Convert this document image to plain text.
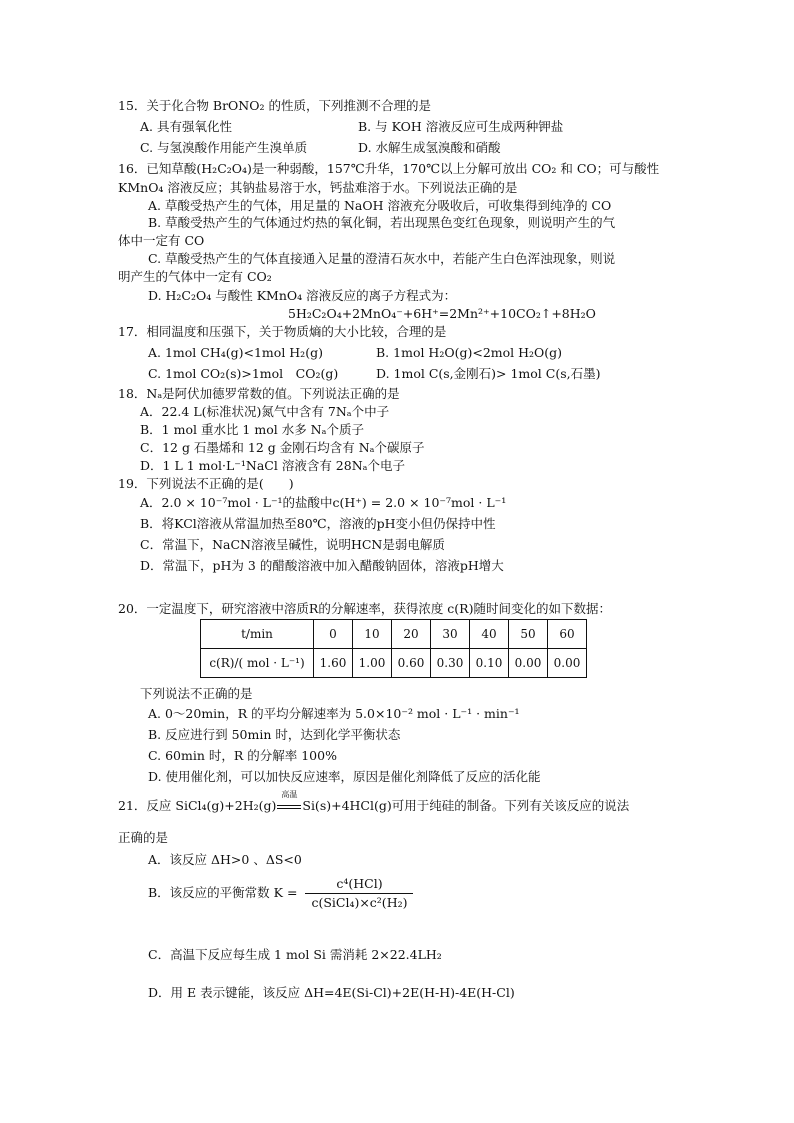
15．关于化合物 BrONO₂ 的性质，下列推测不合理的是
A. 具有强氧化性	B. 与 KOH 溶液反应可生成两种钾盐
C. 与氢溴酸作用能产生溴单质	D. 水解生成氢溴酸和硝酸
16．已知草酸(H₂C₂O₄)是一种弱酸，157℃升华，170℃以上分解可放出 CO₂ 和 CO；可与酸性
KMnO₄ 溶液反应；其钠盐易溶于水，钙盐难溶于水。下列说法正确的是
A. 草酸受热产生的气体，用足量的 NaOH 溶液充分吸收后，可收集得到纯净的 CO
B. 草酸受热产生的气体通过灼热的氧化铜，若出现黑色变红色现象，则说明产生的气
体中一定有 CO
C. 草酸受热产生的气体直接通入足量的澄清石灰水中，若能产生白色浑浊现象，则说
明产生的气体中一定有 CO₂
D. H₂C₂O₄ 与酸性 KMnO₄ 溶液反应的离子方程式为：
5H₂C₂O₄+2MnO₄⁻+6H⁺=2Mn²⁺+10CO₂↑+8H₂O
17．相同温度和压强下，关于物质熵的大小比较，合理的是
A. 1mol CH₄(g)<1mol H₂(g)	B. 1mol H₂O(g)<2mol H₂O(g)
C. 1mol CO₂(s)>1mol　CO₂(g)	D. 1mol C(s,金刚石)> 1mol C(s,石墨)
18．Nₐ是阿伏加德罗常数的值。下列说法正确的是
A．22.4 L(标准状况)氮气中含有 7Nₐ个中子
B．1 mol 重水比 1 mol 水多 Nₐ个质子
C．12 g 石墨烯和 12 g 金刚石均含有 Nₐ个碳原子
D．1 L 1 mol·L⁻¹NaCl 溶液含有 28Nₐ个电子
19．下列说法不正确的是(　　)
A．2.0 × 10⁻⁷mol · L⁻¹的盐酸中c(H⁺) = 2.0 × 10⁻⁷mol · L⁻¹
B．将KCl溶液从常温加热至80℃，溶液的pH变小但仍保持中性
C．常温下，NaCN溶液呈碱性，说明HCN是弱电解质
D．常温下，pH为 3 的醋酸溶液中加入醋酸钠固体，溶液pH增大
20．一定温度下，研究溶液中溶质R的分解速率，获得浓度 c(R)随时间变化的如下数据：
t/min	0	10	20	30	40	50	60
c(R)/( mol · L⁻¹)	1.60	1.00	0.60	0.30	0.10	0.00	0.00
下列说法不正确的是
A. 0～20min，R 的平均分解速率为 5.0×10⁻² mol · L⁻¹ · min⁻¹
B. 反应进行到 50min 时，达到化学平衡状态
C. 60min 时，R 的分解率 100%
D. 使用催化剂，可以加快反应速率，原因是催化剂降低了反应的活化能
21．反应 SiCl₄(g)+2H₂(g)
高温
Si(s)+4HCl(g)可用于纯硅的制备。下列有关该反应的说法
正确的是
A．该反应 ΔH>0 、ΔS<0
B．该反应的平衡常数 $K = \frac{\text{c⁴(HCl)}}{\text{c(SiCl₄)×c²(H₂)}}$
C．高温下反应每生成 1 mol Si 需消耗 2×22.4LH₂
D．用 E 表示键能，该反应 ΔH=4E(Si-Cl)+2E(H-H)-4E(H-Cl)
